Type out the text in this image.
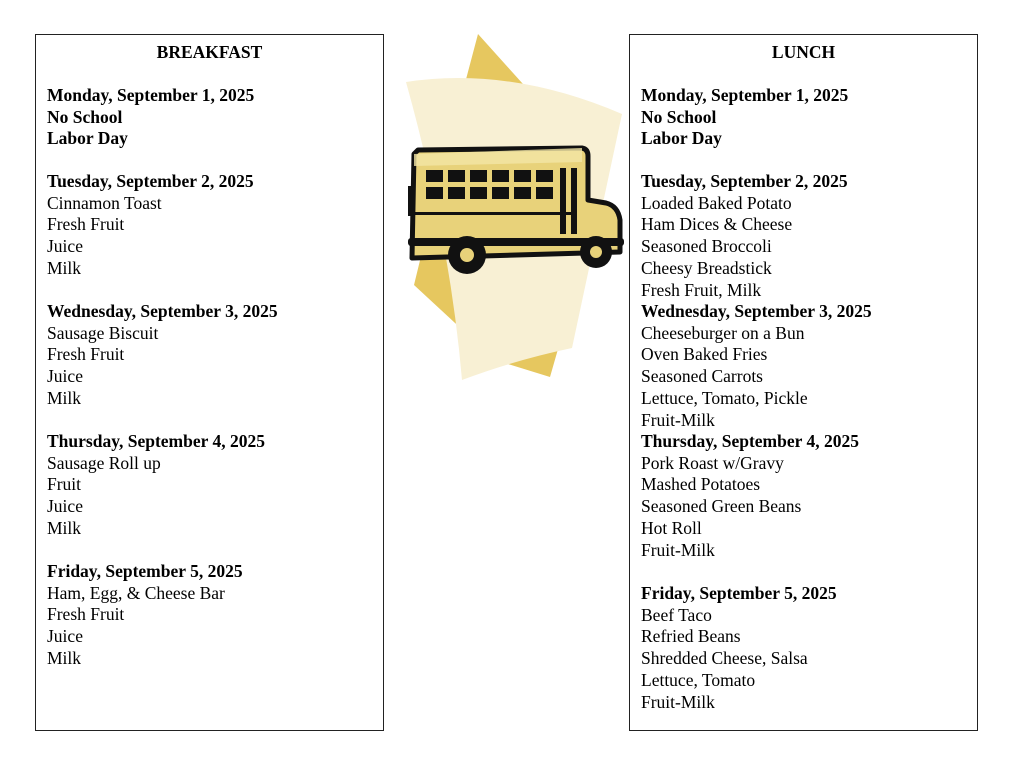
BREAKFAST
Monday, September 1, 2025
No School
Labor Day
Tuesday, September 2, 2025
Cinnamon Toast
Fresh Fruit
Juice
Milk
Wednesday, September 3, 2025
Sausage Biscuit
Fresh Fruit
Juice
Milk
Thursday, September 4, 2025
Sausage Roll up
Fruit
Juice
Milk
Friday, September 5, 2025
Ham, Egg, & Cheese Bar
Fresh Fruit
Juice
Milk
LUNCH
Monday, September 1, 2025
No School
Labor Day
Tuesday, September 2, 2025
Loaded Baked Potato
Ham Dices & Cheese
Seasoned Broccoli
Cheesy Breadstick
Fresh Fruit, Milk
Wednesday, September 3, 2025
Cheeseburger on a Bun
Oven Baked Fries
Seasoned Carrots
Lettuce, Tomato, Pickle
Fruit-Milk
Thursday, September 4, 2025
Pork Roast w/Gravy
Mashed Potatoes
Seasoned Green Beans
Hot Roll
Fruit-Milk
Friday, September 5, 2025
Beef Taco
Refried Beans
Shredded Cheese, Salsa
Lettuce, Tomato
Fruit-Milk
